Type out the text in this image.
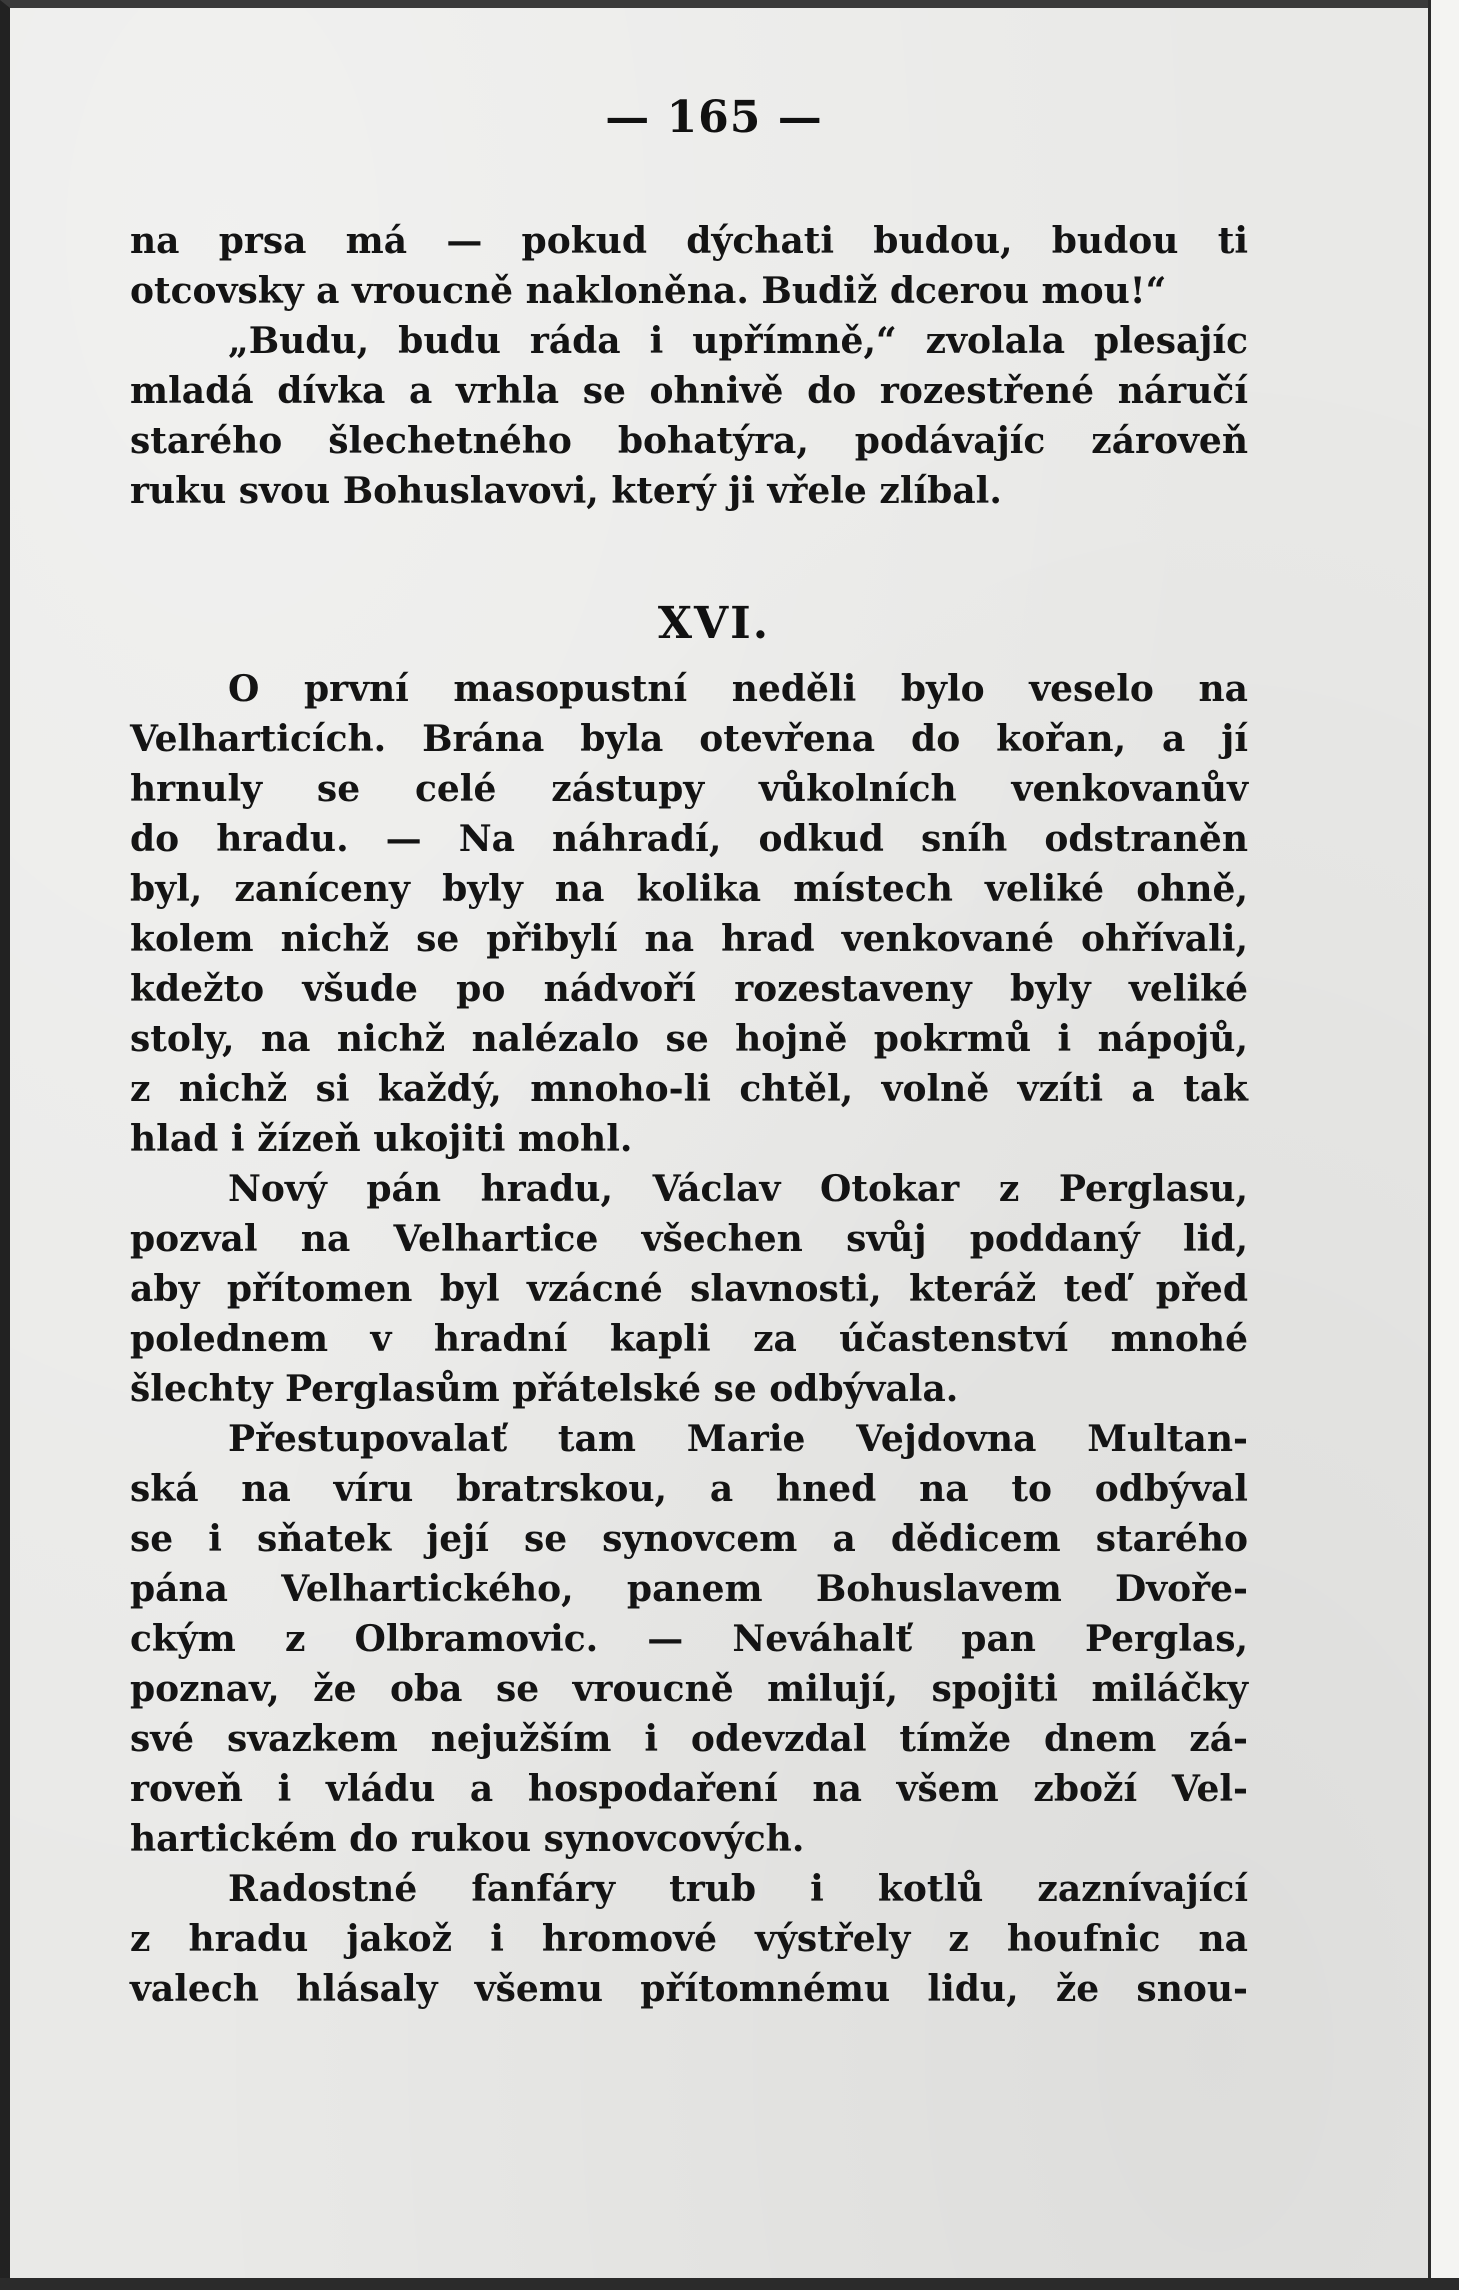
— 165 —

na prsa má — pokud dýchati budou, budou ti

otcovsky a vroucně nakloněna. Budiž dcerou mou!“

„Budu, budu ráda i upřímně,“ zvolala plesajíc

mladá dívka a vrhla se ohnivě do rozestřené náručí

starého šlechetného bohatýra, podávajíc zároveň

ruku svou Bohuslavovi, který ji vřele zlíbal.

XVI.

O první masopustní neděli bylo veselo na

Velharticích. Brána byla otevřena do kořan, a jí

hrnuly se celé zástupy vůkolních venkovanův

do hradu. — Na náhradí, odkud sníh odstraněn

byl, zaníceny byly na kolika místech veliké ohně,

kolem nichž se přibylí na hrad venkované ohřívali,

kdežto všude po nádvoří rozestaveny byly veliké

stoly, na nichž nalézalo se hojně pokrmů i nápojů,

z nichž si každý, mnoho-li chtěl, volně vzíti a tak

hlad i žízeň ukojiti mohl.

Nový pán hradu, Václav Otokar z Perglasu,

pozval na Velhartice všechen svůj poddaný lid,

aby přítomen byl vzácné slavnosti, kteráž teď před

polednem v hradní kapli za účastenství mnohé

šlechty Perglasům přátelské se odbývala.

Přestupovalať tam Marie Vejdovna Multan-

ská na víru bratrskou, a hned na to odbýval

se i sňatek její se synovcem a dědicem starého

pána Velhartického, panem Bohuslavem Dvoře-

ckým z Olbramovic. — Neváhalť pan Perglas,

poznav, že oba se vroucně milují, spojiti miláčky

své svazkem nejužším i odevzdal tímže dnem zá-

roveň i vládu a hospodaření na všem zboží Vel-

hartickém do rukou synovcových.

Radostné fanfáry trub i kotlů zaznívající

z hradu jakož i hromové výstřely z houfnic na

valech hlásaly všemu přítomnému lidu, že snou-
